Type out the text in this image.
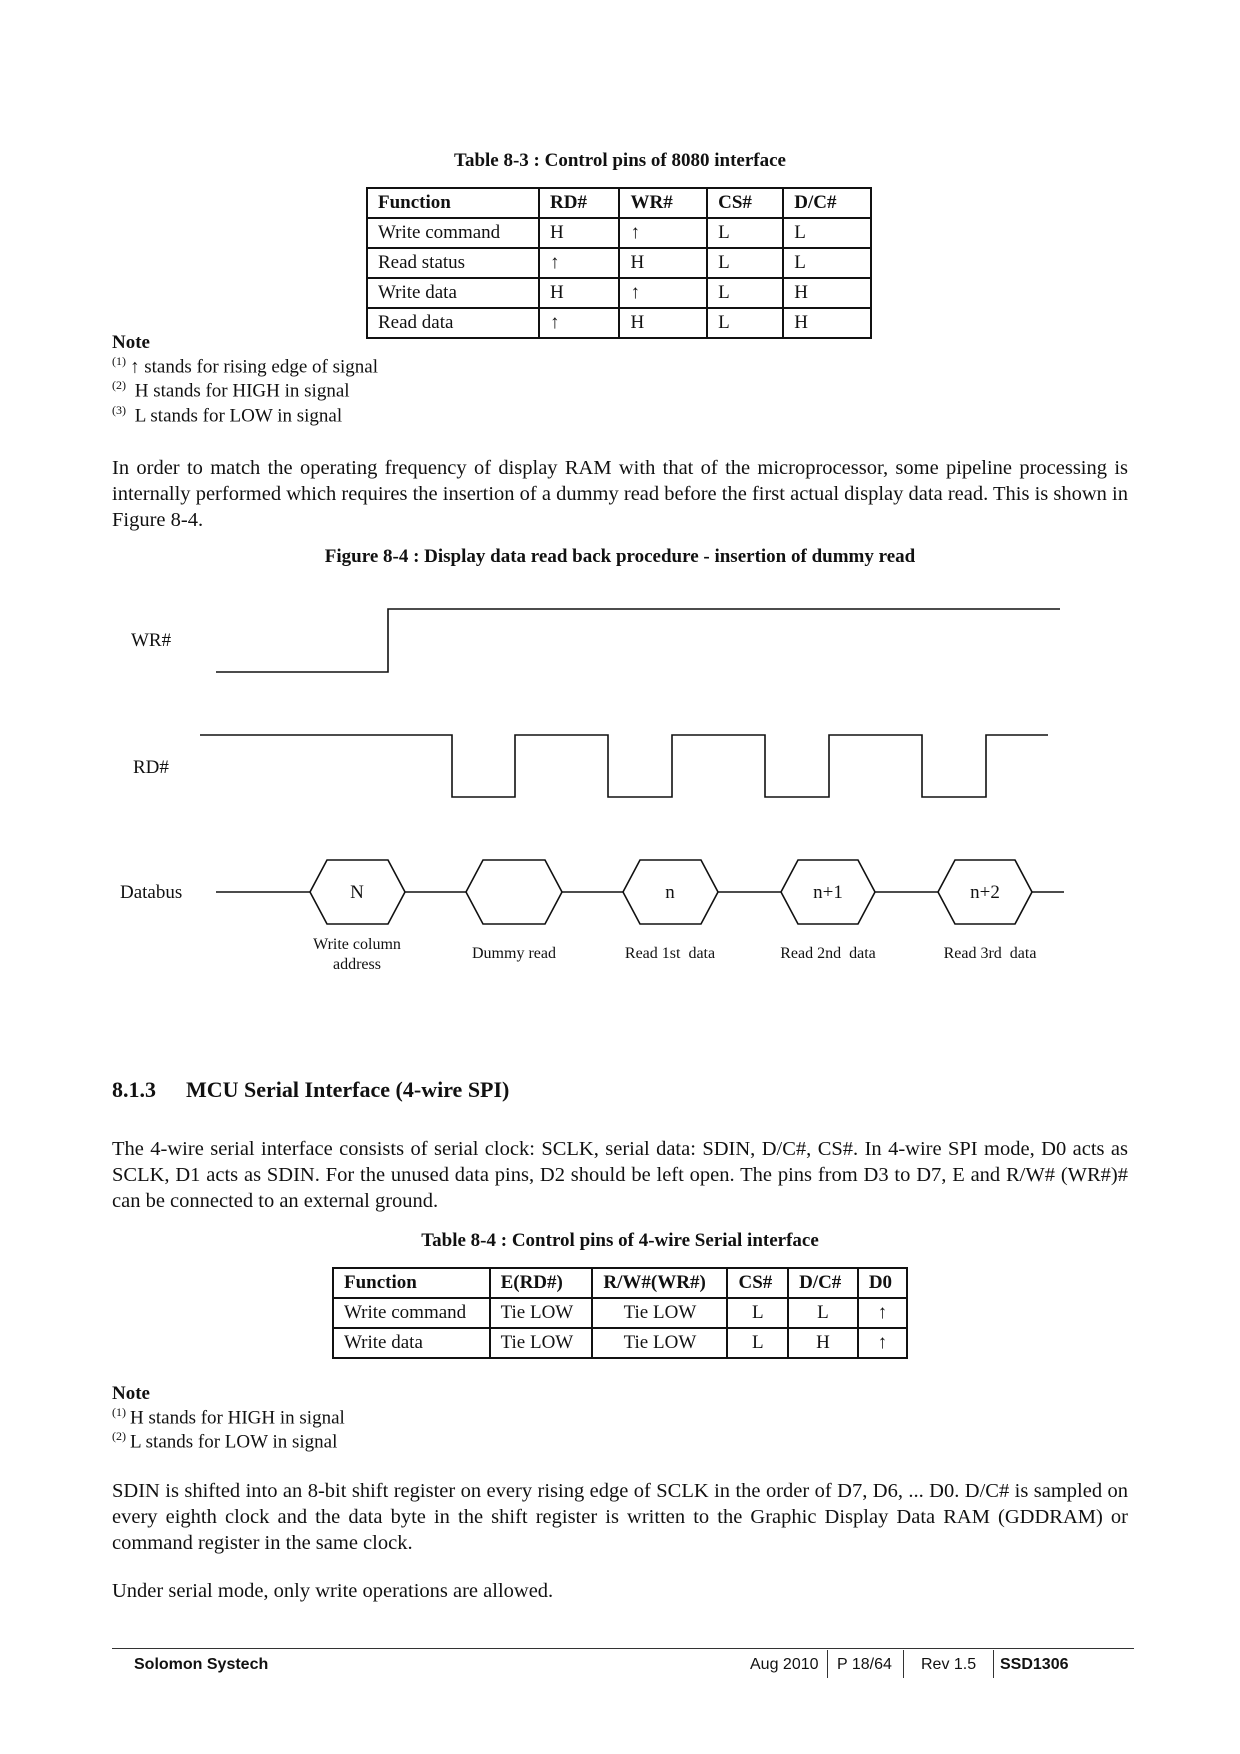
Table 8-3 : Control pins of 8080 interface
Function	RD#	WR#	CS#	D/C#
Write command	H	↑	L	L
Read status	↑	H	L	L
Write data	H	↑	L	H
Read data	↑	H	L	H
Note
$^{(1)}$ ↑ stands for rising edge of signal
$^{(2)}$ H stands for HIGH in signal
$^{(3)}$ L stands for LOW in signal
In order to match the operating frequency of display RAM with that of the microprocessor, some pipeline processing is internally performed which requires the insertion of a dummy read before the first actual display data read. This is shown in Figure 8-4.
Figure 8-4 : Display data read back procedure - insertion of dummy read
WR#
RD#
Databus	N	n	n+1	n+2
Write column
address
Dummy read	Read 1st  data	Read 2nd  data	Read 3rd  data
8.1.3 MCU Serial Interface (4-wire SPI)
The 4-wire serial interface consists of serial clock: SCLK, serial data: SDIN, D/C#, CS#. In 4-wire SPI mode, D0 acts as SCLK, D1 acts as SDIN. For the unused data pins, D2 should be left open. The pins from D3 to D7, E and R/W# (WR#)# can be connected to an external ground.
Table 8-4 : Control pins of 4-wire Serial interface
Function	E(RD#)	R/W#(WR#)	CS#	D/C#	D0
Write command	Tie LOW	Tie LOW	L	L	↑
Write data	Tie LOW	Tie LOW	L	H	↑
Note
$^{(1)}$ H stands for HIGH in signal
$^{(2)}$ L stands for LOW in signal
SDIN is shifted into an 8-bit shift register on every rising edge of SCLK in the order of D7, D6, ... D0. D/C# is sampled on every eighth clock and the data byte in the shift register is written to the Graphic Display Data RAM (GDDRAM) or command register in the same clock.
Under serial mode, only write operations are allowed.
Solomon Systech	Aug 2010 P 18/64 Rev 1.5 SSD1306
